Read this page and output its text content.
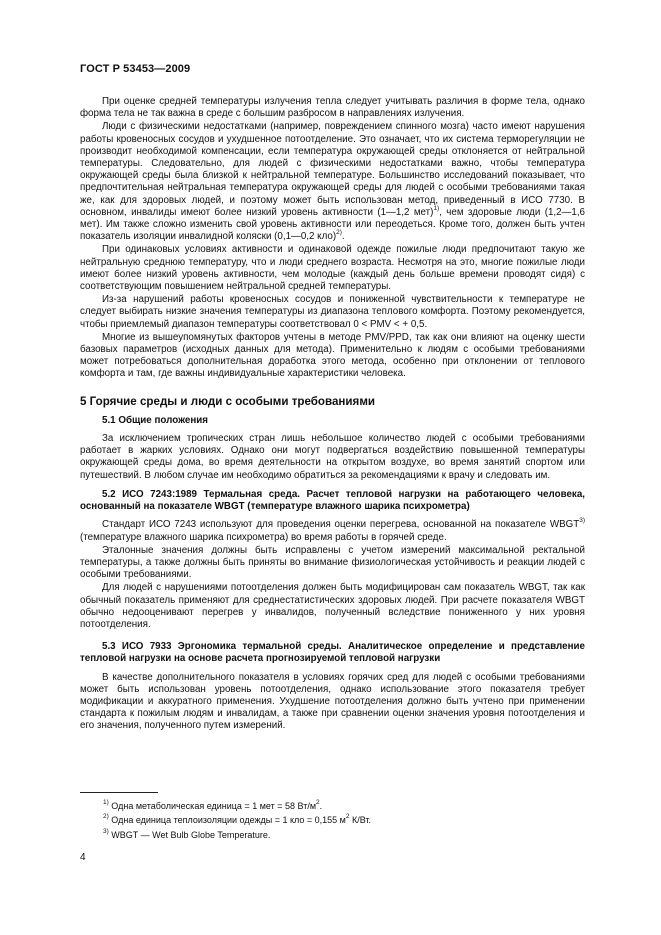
ГОСТ Р 53453—2009

При оценке средней температуры излучения тепла следует учитывать различия в форме тела, однако форма тела не так важна в среде с большим разбросом в направлениях излучения.

Люди с физическими недостатками (например, повреждением спинного мозга) часто имеют нарушения работы кровеносных сосудов и ухудшенное потоотделение. Это означает, что их система терморегуляции не производит необходимой компенсации, если температура окружающей среды отклоняется от нейтральной температуры. Следовательно, для людей с физическими недостатками важно, чтобы температура окружающей среды была близкой к нейтральной температуре. Большинство исследований показывает, что предпочтительная нейтральная температура окружающей среды для людей с особыми требованиями такая же, как для здоровых людей, и поэтому может быть использован метод, приведенный в ИСО 7730. В основном, инвалиды имеют более низкий уровень активности (1—1,2 мет)$^{1)}$, чем здоровые люди (1,2—1,6 мет). Им также сложно изменить свой уровень активности или переодеться. Кроме того, должен быть учтен показатель изоляции инвалидной коляски (0,1—0,2 кло)$^{2)}$.

При одинаковых условиях активности и одинаковой одежде пожилые люди предпочитают такую же нейтральную среднюю температуру, что и люди среднего возраста. Несмотря на это, многие пожилые люди имеют более низкий уровень активности, чем молодые (каждый день больше времени проводят сидя) с соответствующим повышением нейтральной средней температуры.

Из-за нарушений работы кровеносных сосудов и пониженной чувствительности к температуре не следует выбирать низкие значения температуры из диапазона теплового комфорта. Поэтому рекомендуется, чтобы приемлемый диапазон температуры соответствовал 0 < PMV < + 0,5.

Многие из вышеупомянутых факторов учтены в методе PMV/PPD, так как они влияют на оценку шести базовых параметров (исходных данных для метода). Применительно к людям с особыми требованиями может потребоваться дополнительная доработка этого метода, особенно при отклонении от теплового комфорта и там, где важны индивидуальные характеристики человека.

5 Горячие среды и люди с особыми требованиями
5.1 Общие положения

За исключением тропических стран лишь небольшое количество людей с особыми требованиями работает в жарких условиях. Однако они могут подвергаться воздействию повышенной температуры окружающей среды дома, во время деятельности на открытом воздухе, во время занятий спортом или путешествий. В любом случае им необходимо обратиться за рекомендациями к врачу и следовать им.

5.2 ИСО 7243:1989 Термальная среда. Расчет тепловой нагрузки на работающего человека, основанный на показателе WBGT (температуре влажного шарика психрометра)

Стандарт ИСО 7243 используют для проведения оценки перегрева, основанной на показателе WBGT$^{3)}$ (температуре влажного шарика психрометра) во время работы в горячей среде.

Эталонные значения должны быть исправлены с учетом измерений максимальной ректальной температуры, а также должны быть приняты во внимание физиологическая устойчивость и реакции людей с особыми требованиями.

Для людей с нарушениями потоотделения должен быть модифицирован сам показатель WBGT, так как обычный показатель применяют для среднестатистических здоровых людей. При расчете показателя WBGT обычно недооценивают перегрев у инвалидов, полученный вследствие пониженного у них уровня потоотделения.

5.3 ИСО 7933 Эргономика термальной среды. Аналитическое определение и представление тепловой нагрузки на основе расчета прогнозируемой тепловой нагрузки

В качестве дополнительного показателя в условиях горячих сред для людей с особыми требованиями может быть использован уровень потоотделения, однако использование этого показателя требует модификации и аккуратного применения. Ухудшение потоотделения должно быть учтено при применении стандарта к пожилым людям и инвалидам, а также при сравнении оценки значения уровня потоотделения и его значения, полученного путем измерений.

$^{1)}$ Одна метаболическая единица = 1 мет = 58 $Вт/м^2$.

$^{2)}$ Одна единица теплоизоляции одежды = 1 кло = 0,155 $м^2$ К/Вт.

$^{3)}$ WBGT — Wet Bulb Globe Temperature.

4
